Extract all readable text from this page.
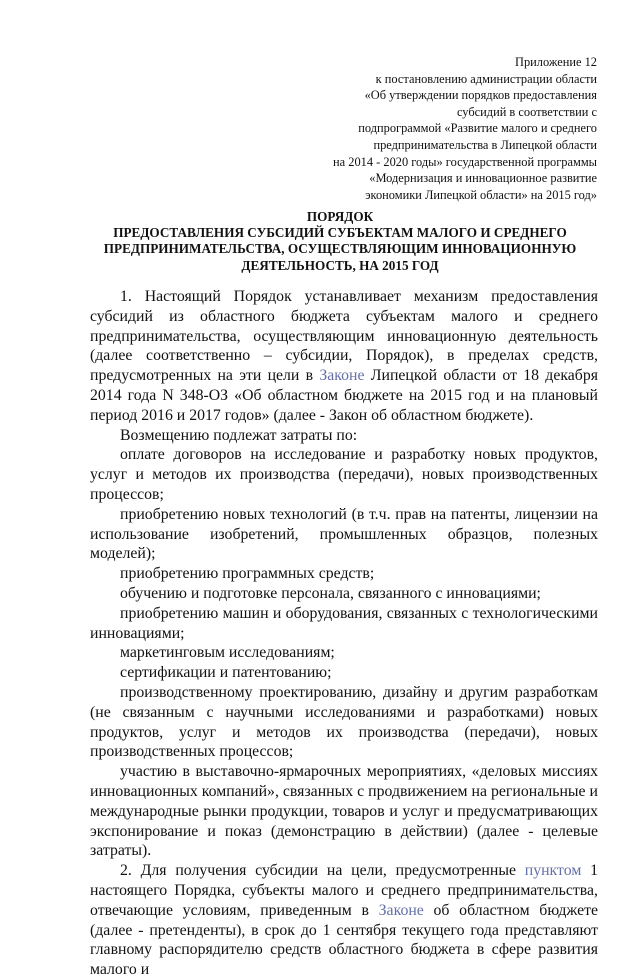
Приложение 12
к постановлению администрации области
«Об утверждении порядков предоставления
субсидий в соответствии с
подпрограммой «Развитие малого и среднего
предпринимательства в Липецкой области
на 2014 - 2020 годы» государственной программы
«Модернизация и инновационное развитие
экономики Липецкой области» на 2015 год»
ПОРЯДОК
ПРЕДОСТАВЛЕНИЯ СУБСИДИЙ СУБЪЕКТАМ МАЛОГО И СРЕДНЕГО
ПРЕДПРИНИМАТЕЛЬСТВА, ОСУЩЕСТВЛЯЮЩИМ ИННОВАЦИОННУЮ
ДЕЯТЕЛЬНОСТЬ, НА 2015 ГОД

1. Настоящий Порядок устанавливает механизм предоставления субсидий из областного бюджета субъектам малого и среднего предпринимательства, осуществляющим инновационную деятельность (далее соответственно – субсидии, Порядок), в пределах средств, предусмотренных на эти цели в Законе Липецкой области от 18 декабря 2014 года N 348-ОЗ «Об областном бюджете на 2015 год и на плановый период 2016 и 2017 годов» (далее - Закон об областном бюджете).

Возмещению подлежат затраты по:

оплате договоров на исследование и разработку новых продуктов, услуг и методов их производства (передачи), новых производственных процессов;

приобретению новых технологий (в т.ч. прав на патенты, лицензии на использование изобретений, промышленных образцов, полезных моделей);

приобретению программных средств;

обучению и подготовке персонала, связанного с инновациями;

приобретению машин и оборудования, связанных с технологическими инновациями;

маркетинговым исследованиям;

сертификации и патентованию;

производственному проектированию, дизайну и другим разработкам (не связанным с научными исследованиями и разработками) новых продуктов, услуг и методов их производства (передачи), новых производственных процессов;

участию в выставочно-ярмарочных мероприятиях, «деловых миссиях инновационных компаний», связанных с продвижением на региональные и международные рынки продукции, товаров и услуг и предусматривающих экспонирование и показ (демонстрацию в действии) (далее - целевые затраты).

2. Для получения субсидии на цели, предусмотренные пунктом 1 настоящего Порядка, субъекты малого и среднего предпринимательства, отвечающие условиям, приведенным в Законе об областном бюджете (далее - претенденты), в срок до 1 сентября текущего года представляют главному распорядителю средств областного бюджета в сфере развития малого и
